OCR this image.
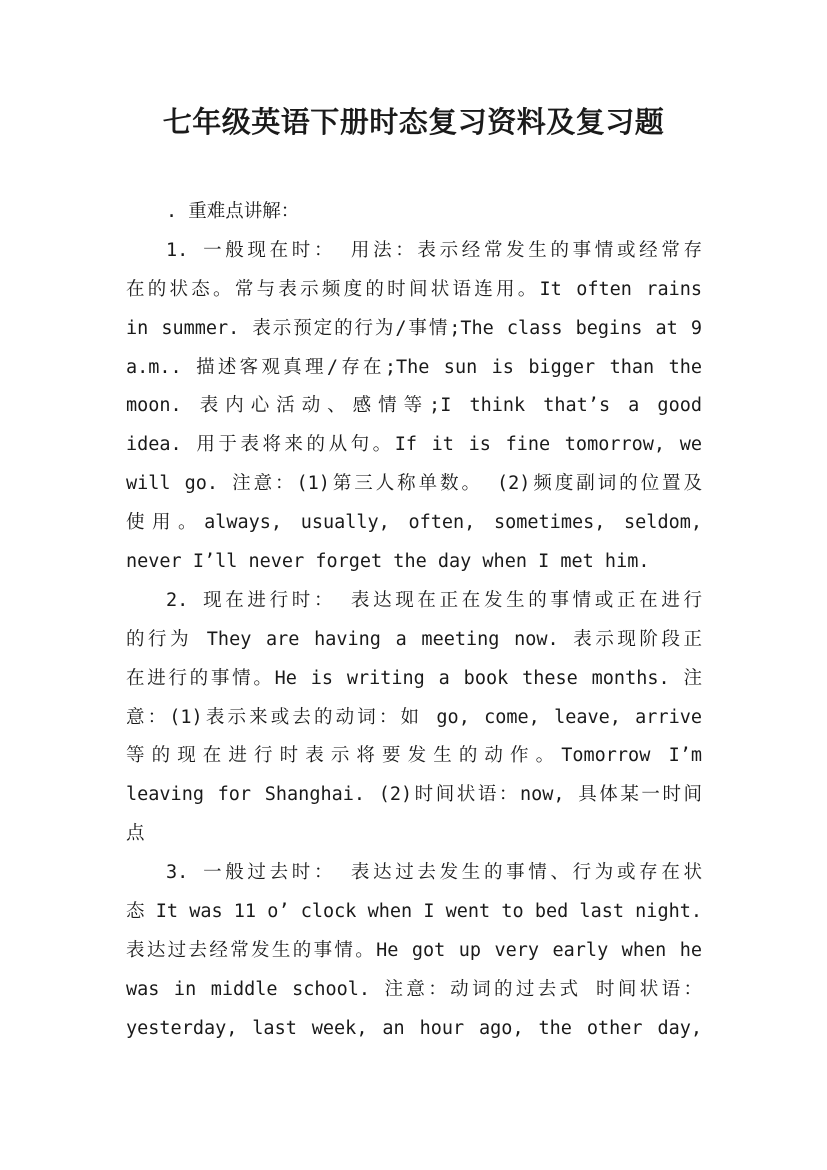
七年级英语下册时态复习资料及复习题
. 重难点讲解：
1. 一般现在时： 用法：表示经常发生的事情或经常存
在的状态。常与表示频度的时间状语连用。It often rains
in summer. 表示预定的行为/事情;The class begins at 9
a.m.. 描述客观真理/存在;The sun is bigger than the
moon. 表内心活动、感情等;I think that’s a good
idea. 用于表将来的从句。If it is fine tomorrow, we
will go. 注意：(1)第三人称单数。 (2)频度副词的位置及
使用。always, usually, often, sometimes, seldom,
never I’ll never forget the day when I met him.
2. 现在进行时： 表达现在正在发生的事情或正在进行
的行为 They are having a meeting now. 表示现阶段正
在进行的事情。He is writing a book these months. 注
意：(1)表示来或去的动词：如 go, come, leave, arrive
等的现在进行时表示将要发生的动作。Tomorrow I’m
leaving for Shanghai. (2)时间状语：now, 具体某一时间
点
3. 一般过去时： 表达过去发生的事情、行为或存在状
态 It was 11 o’ clock when I went to bed last night.
表达过去经常发生的事情。He got up very early when he
was in middle school. 注意：动词的过去式 时间状语：
yesterday, last week, an hour ago, the other day,
